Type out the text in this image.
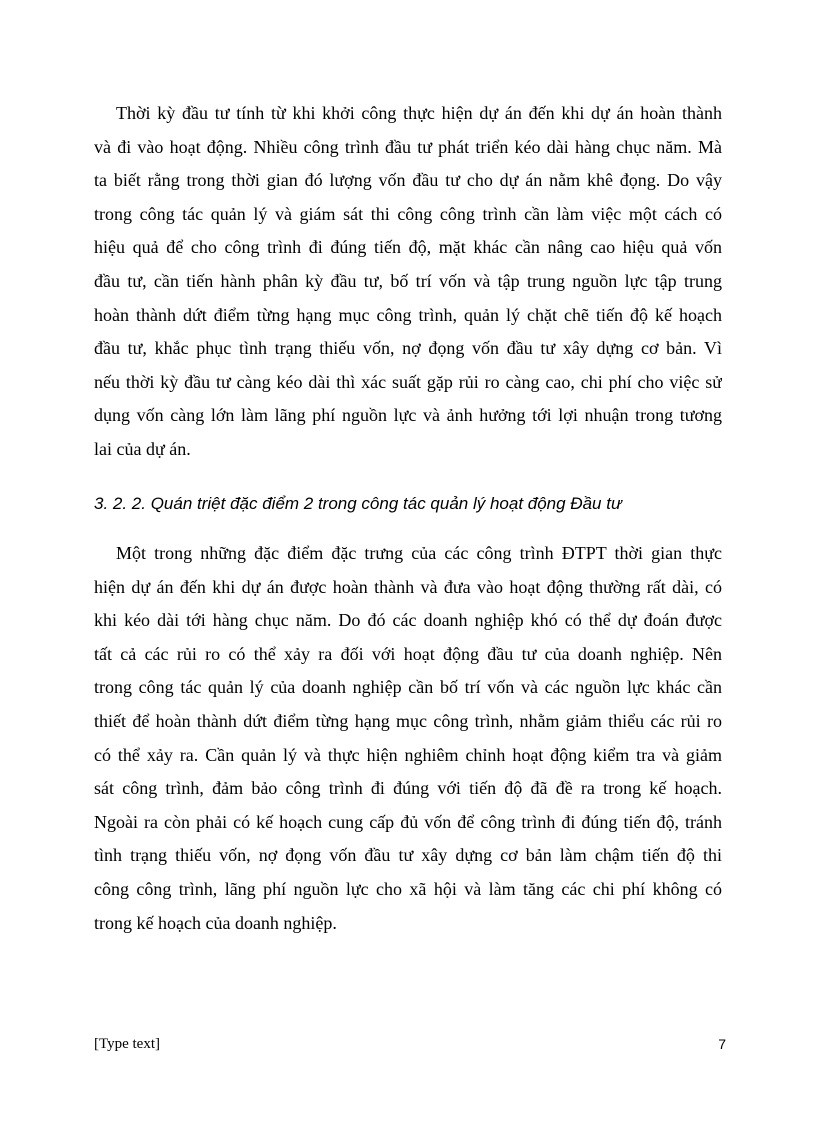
Thời kỳ đầu tư tính từ khi khởi công thực hiện dự án đến khi dự án hoàn thành
và đi vào hoạt động. Nhiều công trình đầu tư phát triển kéo dài hàng chục năm. Mà
ta biết rằng trong thời gian đó lượng vốn đầu tư cho dự án nằm khê đọng. Do vậy
trong công tác quản lý và giám sát thi công công trình cần làm việc một cách có
hiệu quả để cho công trình đi đúng tiến độ, mặt khác cần nâng cao hiệu quả vốn
đầu tư, cần tiến hành phân kỳ đầu tư, bố trí vốn và tập trung nguồn lực tập trung
hoàn thành dứt điểm từng hạng mục công trình, quản lý chặt chẽ tiến độ kế hoạch
đầu tư, khắc phục tình trạng thiếu vốn, nợ đọng vốn đầu tư xây dựng cơ bản. Vì
nếu thời kỳ đầu tư càng kéo dài thì xác suất gặp rủi ro càng cao, chi phí cho việc sử
dụng vốn càng lớn làm lãng phí nguồn lực và ảnh hưởng tới lợi nhuận trong tương
lai của dự án.
3. 2. 2. Quán triệt đặc điểm 2 trong công tác quản lý hoạt động Đầu tư
Một trong những đặc điểm đặc trưng của các công trình ĐTPT thời gian thực
hiện dự án đến khi dự án được hoàn thành và đưa vào hoạt động thường rất dài, có
khi kéo dài tới hàng chục năm. Do đó các doanh nghiệp khó có thể dự đoán được
tất cả các rủi ro có thể xảy ra đối với hoạt động đầu tư của doanh nghiệp. Nên
trong công tác quản lý của doanh nghiệp cần bố trí vốn và các nguồn lực khác cần
thiết để hoàn thành dứt điểm từng hạng mục công trình, nhằm giảm thiểu các rủi ro
có thể xảy ra. Cần quản lý và thực hiện nghiêm chỉnh hoạt động kiểm tra và giảm
sát công trình, đảm bảo công trình đi đúng với tiến độ đã đề ra trong kế hoạch.
Ngoài ra còn phải có kế hoạch cung cấp đủ vốn để công trình đi đúng tiến độ, tránh
tình trạng thiếu vốn, nợ đọng vốn đầu tư xây dựng cơ bản làm chậm tiến độ thi
công công trình, lãng phí nguồn lực cho xã hội và làm tăng các chi phí không có
trong kế hoạch của doanh nghiệp.
[Type text]	7
